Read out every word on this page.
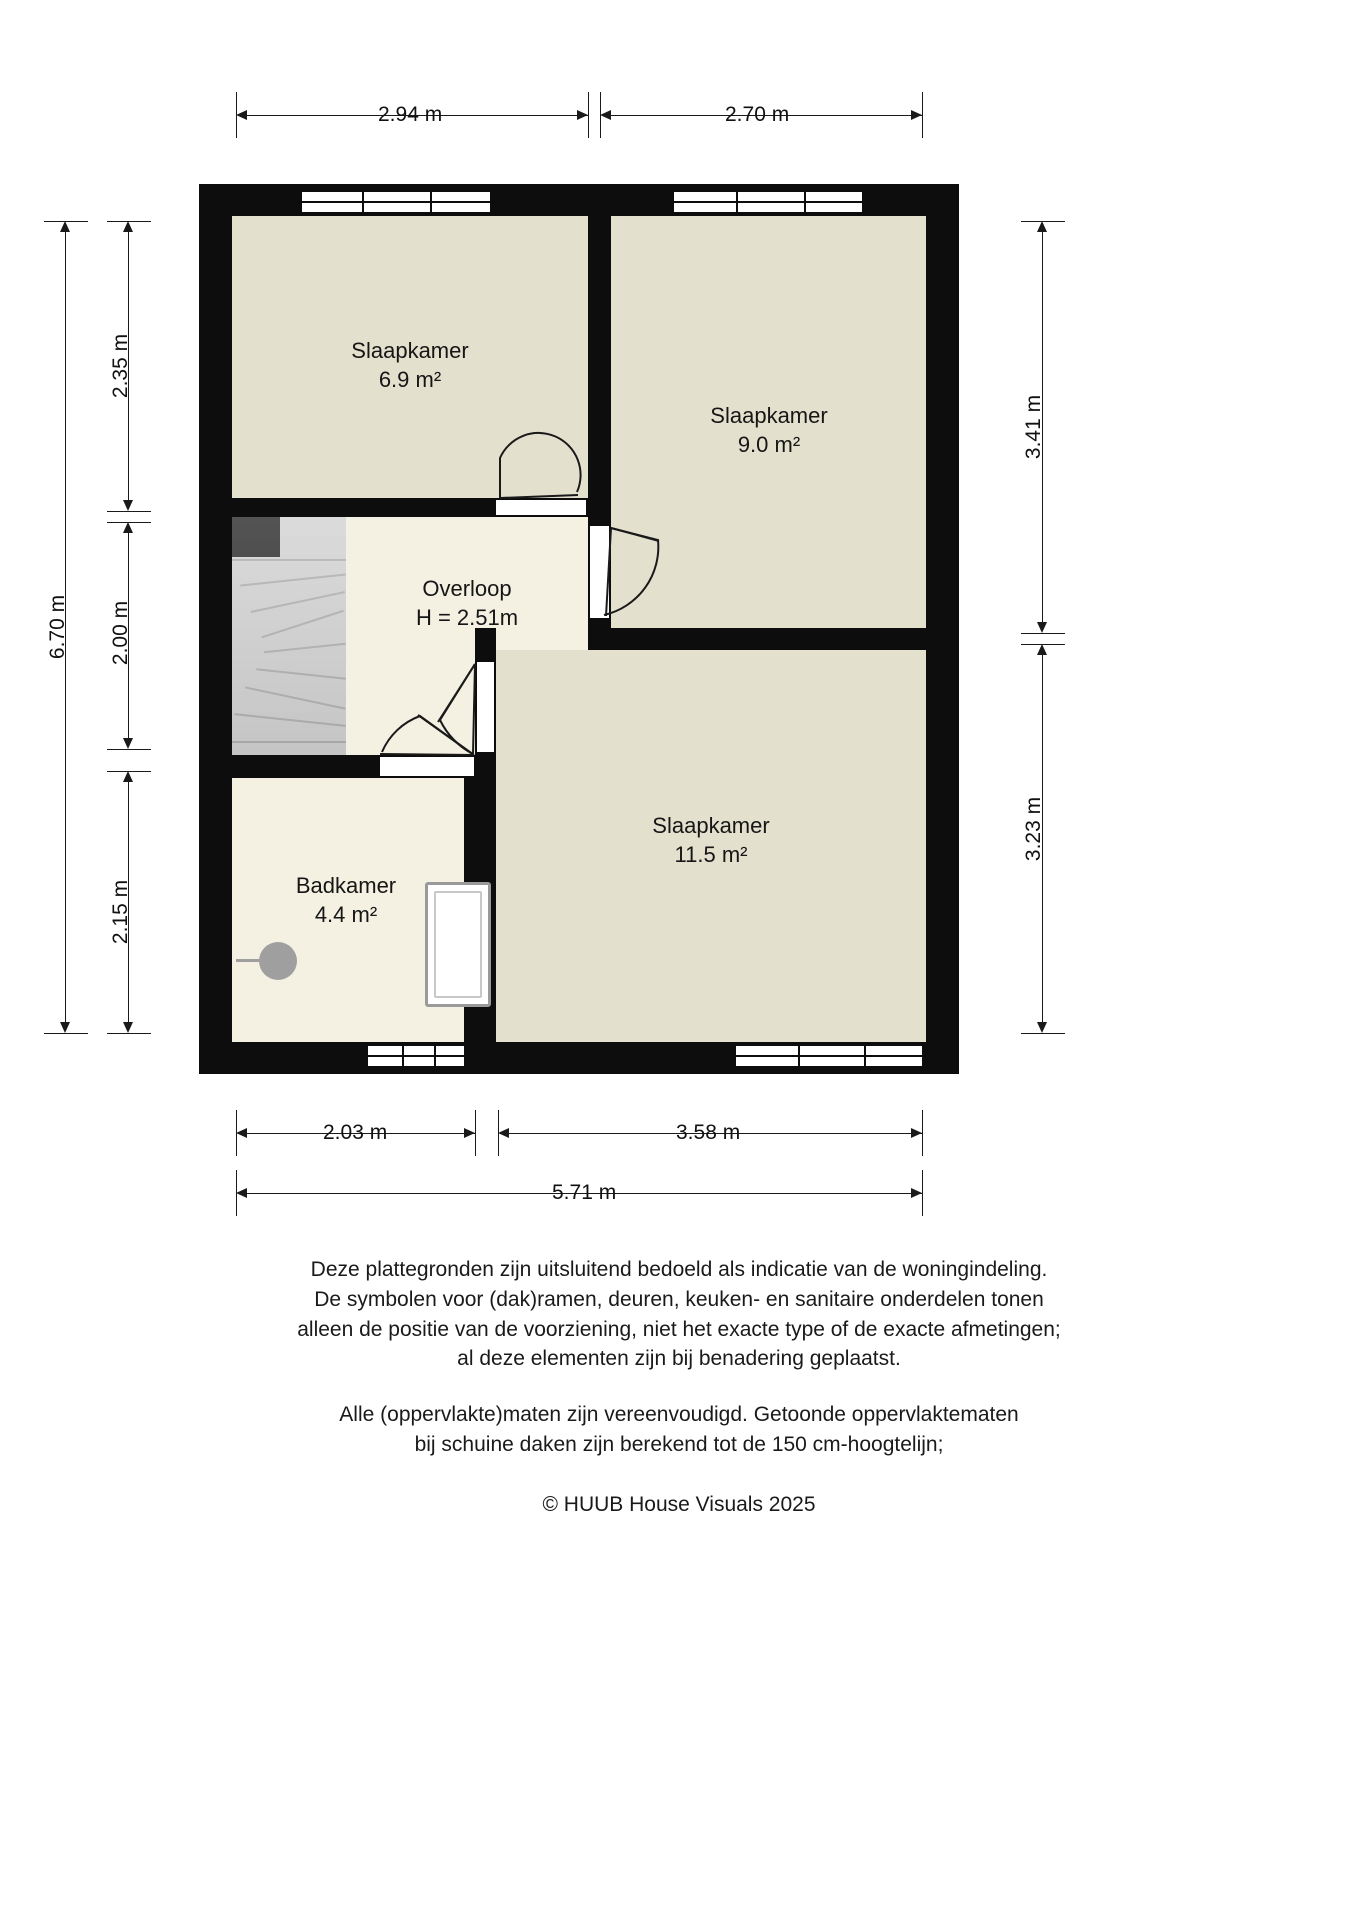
2.94 m	2.70 m
6.70 m
2.35 m
2.00 m
2.15 m
3.41 m
3.23 m
2.03 m	3.58 m
5.71 m
Slaapkamer
6.9 m²
Slaapkamer
9.0 m²
Overloop
H = 2.51m
Slaapkamer
11.5 m²
Badkamer
4.4 m²

Deze plattegronden zijn uitsluitend bedoeld als indicatie van de woningindeling.

De symbolen voor (dak)ramen, deuren, keuken- en sanitaire onderdelen tonen

alleen de positie van de voorziening, niet het exacte type of de exacte afmetingen;

al deze elementen zijn bij benadering geplaatst.

Alle (oppervlakte)maten zijn vereenvoudigd. Getoonde oppervlaktematen

bij schuine daken zijn berekend tot de 150 cm-hoogtelijn;

© HUUB House Visuals 2025
